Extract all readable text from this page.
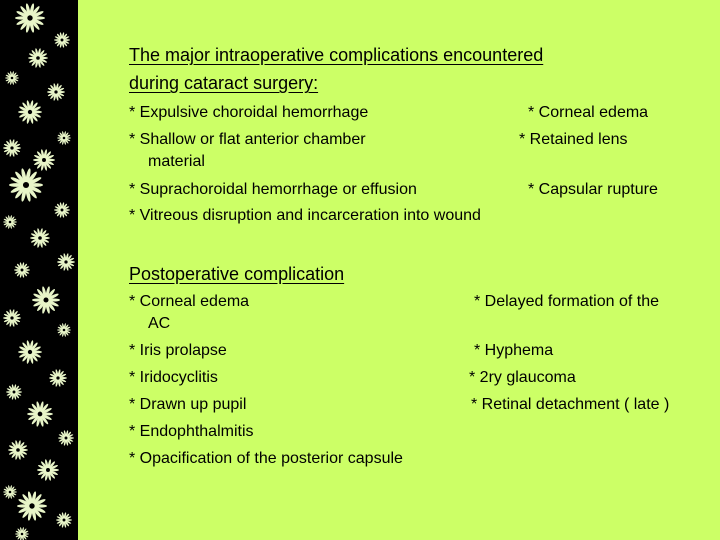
The major intraoperative complications encountered
during cataract surgery:
* Expulsive choroidal hemorrhage	* Corneal edema
* Shallow or flat anterior chamber	* Retained lens
material
* Suprachoroidal hemorrhage or effusion	* Capsular rupture
* Vitreous disruption and incarceration into wound
Postoperative complication
* Corneal edema	* Delayed formation of the
AC
* Iris prolapse	* Hyphema
* Iridocyclitis	* 2ry glaucoma
* Drawn up pupil	* Retinal detachment ( late )
* Endophthalmitis
* Opacification of the posterior capsule
